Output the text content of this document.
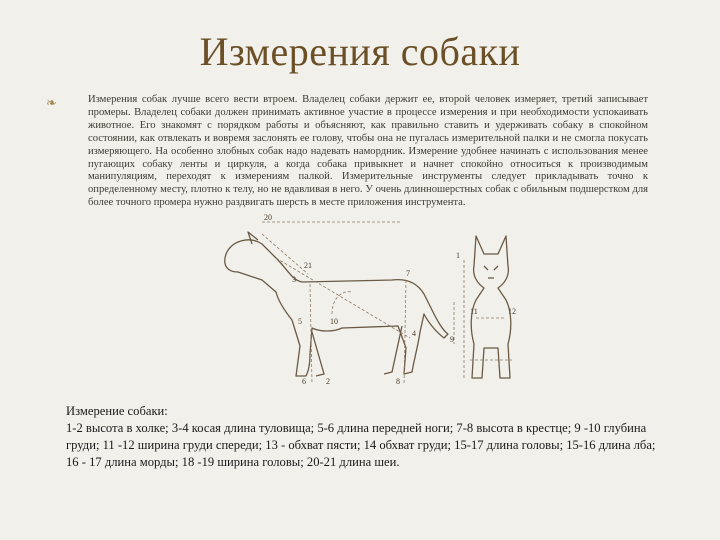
Измерения собаки
❧	Измерения собак лучше всего вести втроем. Владелец собаки держит ее, второй человек измеряет, третий записывает промеры. Владелец собаки должен принимать активное участие в процессе измерения и при необходимости успокаивать животное. Его знакомят с порядком работы и объясняют, как правильно ставить и удерживать собаку в спокойном состоянии, как отвлекать и вовремя заслонять ее голову, чтобы она не пугалась измерительной палки и не смогла покусать измеряющего. На особенно злобных собак надо надевать намордник. Измерение удобнее начинать с использования менее пугающих собаку ленты и циркуля, а когда собака привыкнет и начнет спокойно относиться к производимым манипуляциям, переходят к измерениям палкой. Измерительные инструменты следует прикладывать точно к определенному месту, плотно к телу, но не вдавливая в него. У очень длинношерстных собак с обильным подшерстком для более точного промера нужно раздвигать шерсть в месте приложения инструмента.
20
21
3
7
5	10
4
6	2	8
1
11	12
9
Измерение собаки:
1-2 высота в холке; 3-4 косая длина туловища; 5-6 длина передней ноги; 7-8 высота в крестце; 9 -10 глубина груди; 11 -12 ширина груди спереди; 13 - обхват пясти; 14 обхват груди; 15-17 длина головы; 15-16 длина лба; 16 - 17 длина морды; 18 -19 ширина головы; 20-21 длина шеи.
